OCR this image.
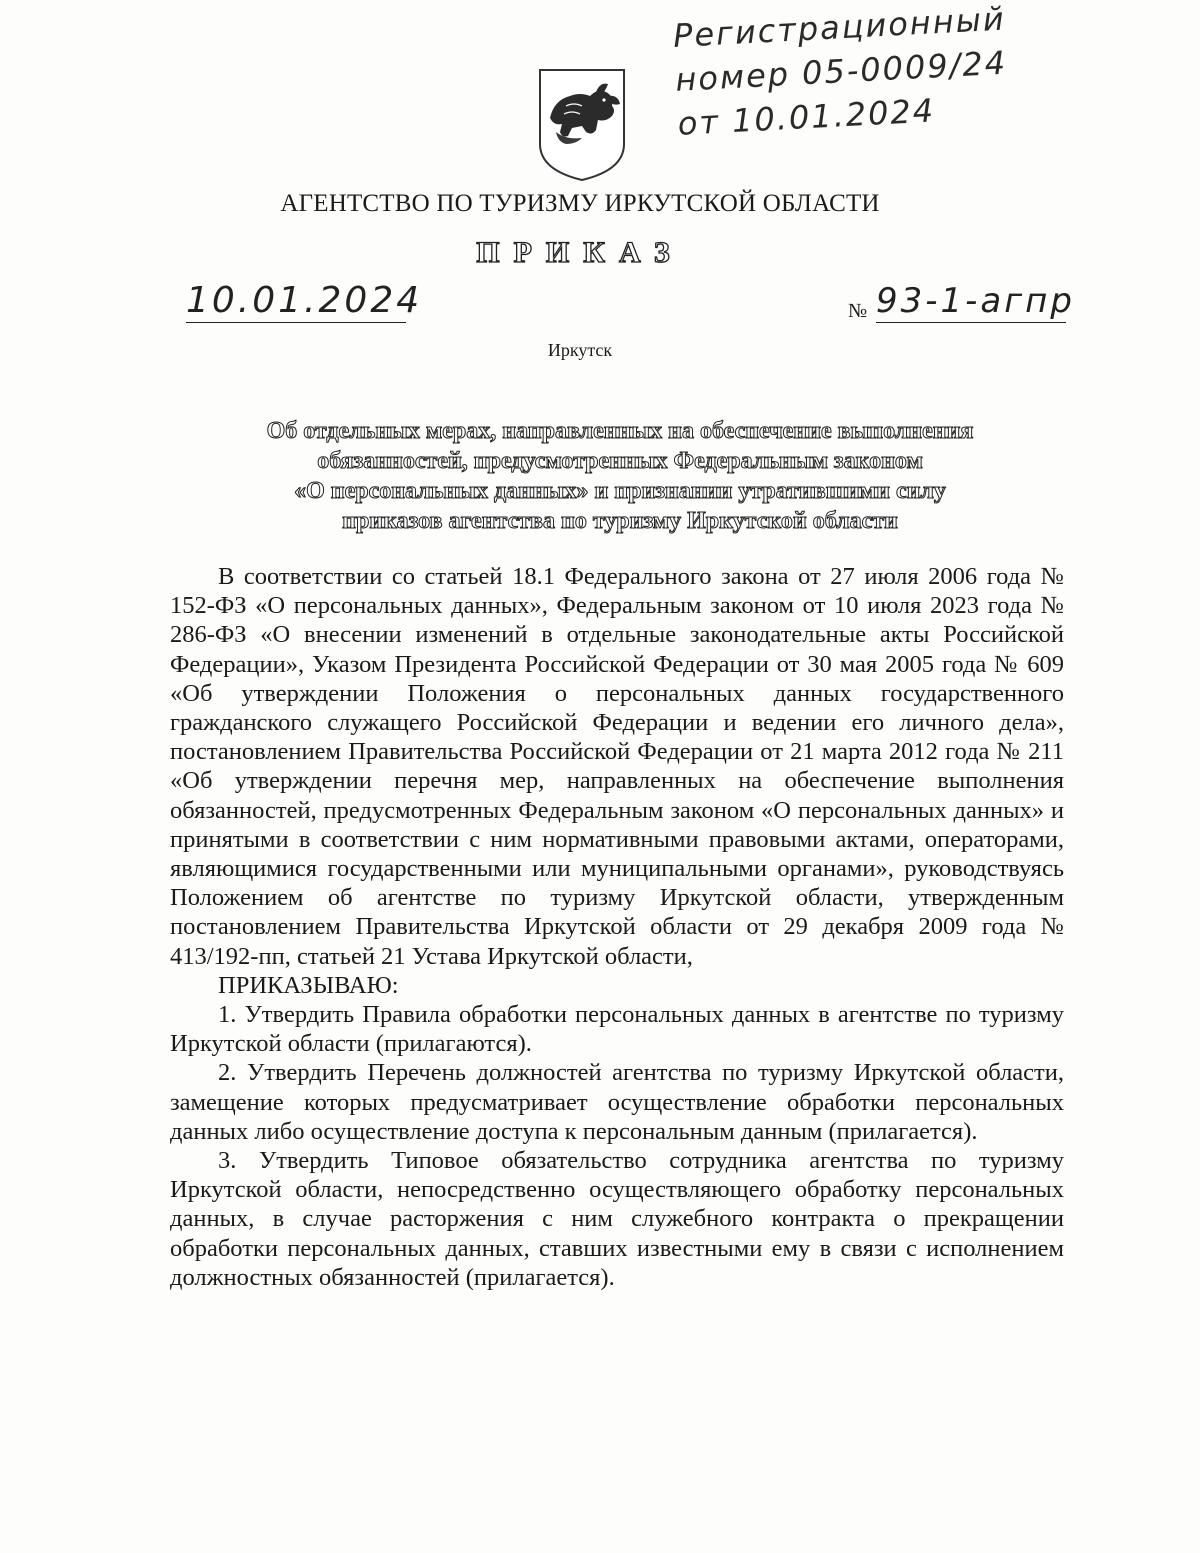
Регистрационный
номер 05-0009/24
от 10.01.2024
АГЕНТСТВО ПО ТУРИЗМУ ИРКУТСКОЙ ОБЛАСТИ
ПРИКАЗ
10.01.2024	№ 93-1-агпр
Иркутск
Об отдельных мерах, направленных на обеспечение выполнения
обязанностей, предусмотренных Федеральным законом
«О персональных данных» и признании утратившими силу
приказов агентства по туризму Иркутской области

В соответствии со статьей 18.1 Федерального закона от 27 июля 2006 года № 152-ФЗ «О персональных данных», Федеральным законом от 10 июля 2023 года № 286-ФЗ «О внесении изменений в отдельные законодательные акты Российской Федерации», Указом Президента Российской Федерации от 30 мая 2005 года № 609 «Об утверждении Положения о персональных данных государственного гражданского служащего Российской Федерации и ведении его личного дела», постановлением Правительства Российской Федерации от 21 марта 2012 года № 211 «Об утверждении перечня мер, направленных на обеспечение выполнения обязанностей, предусмотренных Федеральным законом «О персональных данных» и принятыми в соответствии с ним нормативными правовыми актами, операторами, являющимися государственными или муниципальными органами», руководствуясь Положением об агентстве по туризму Иркутской области, утвержденным постановлением Правительства Иркутской области от 29 декабря 2009 года № 413/192-пп, статьей 21 Устава Иркутской области,

ПРИКАЗЫВАЮ:

1. Утвердить Правила обработки персональных данных в агентстве по туризму Иркутской области (прилагаются).

2. Утвердить Перечень должностей агентства по туризму Иркутской области, замещение которых предусматривает осуществление обработки персональных данных либо осуществление доступа к персональным данным (прилагается).

3. Утвердить Типовое обязательство сотрудника агентства по туризму Иркутской области, непосредственно осуществляющего обработку персональных данных, в случае расторжения с ним служебного контракта о прекращении обработки персональных данных, ставших известными ему в связи с исполнением должностных обязанностей (прилагается).
